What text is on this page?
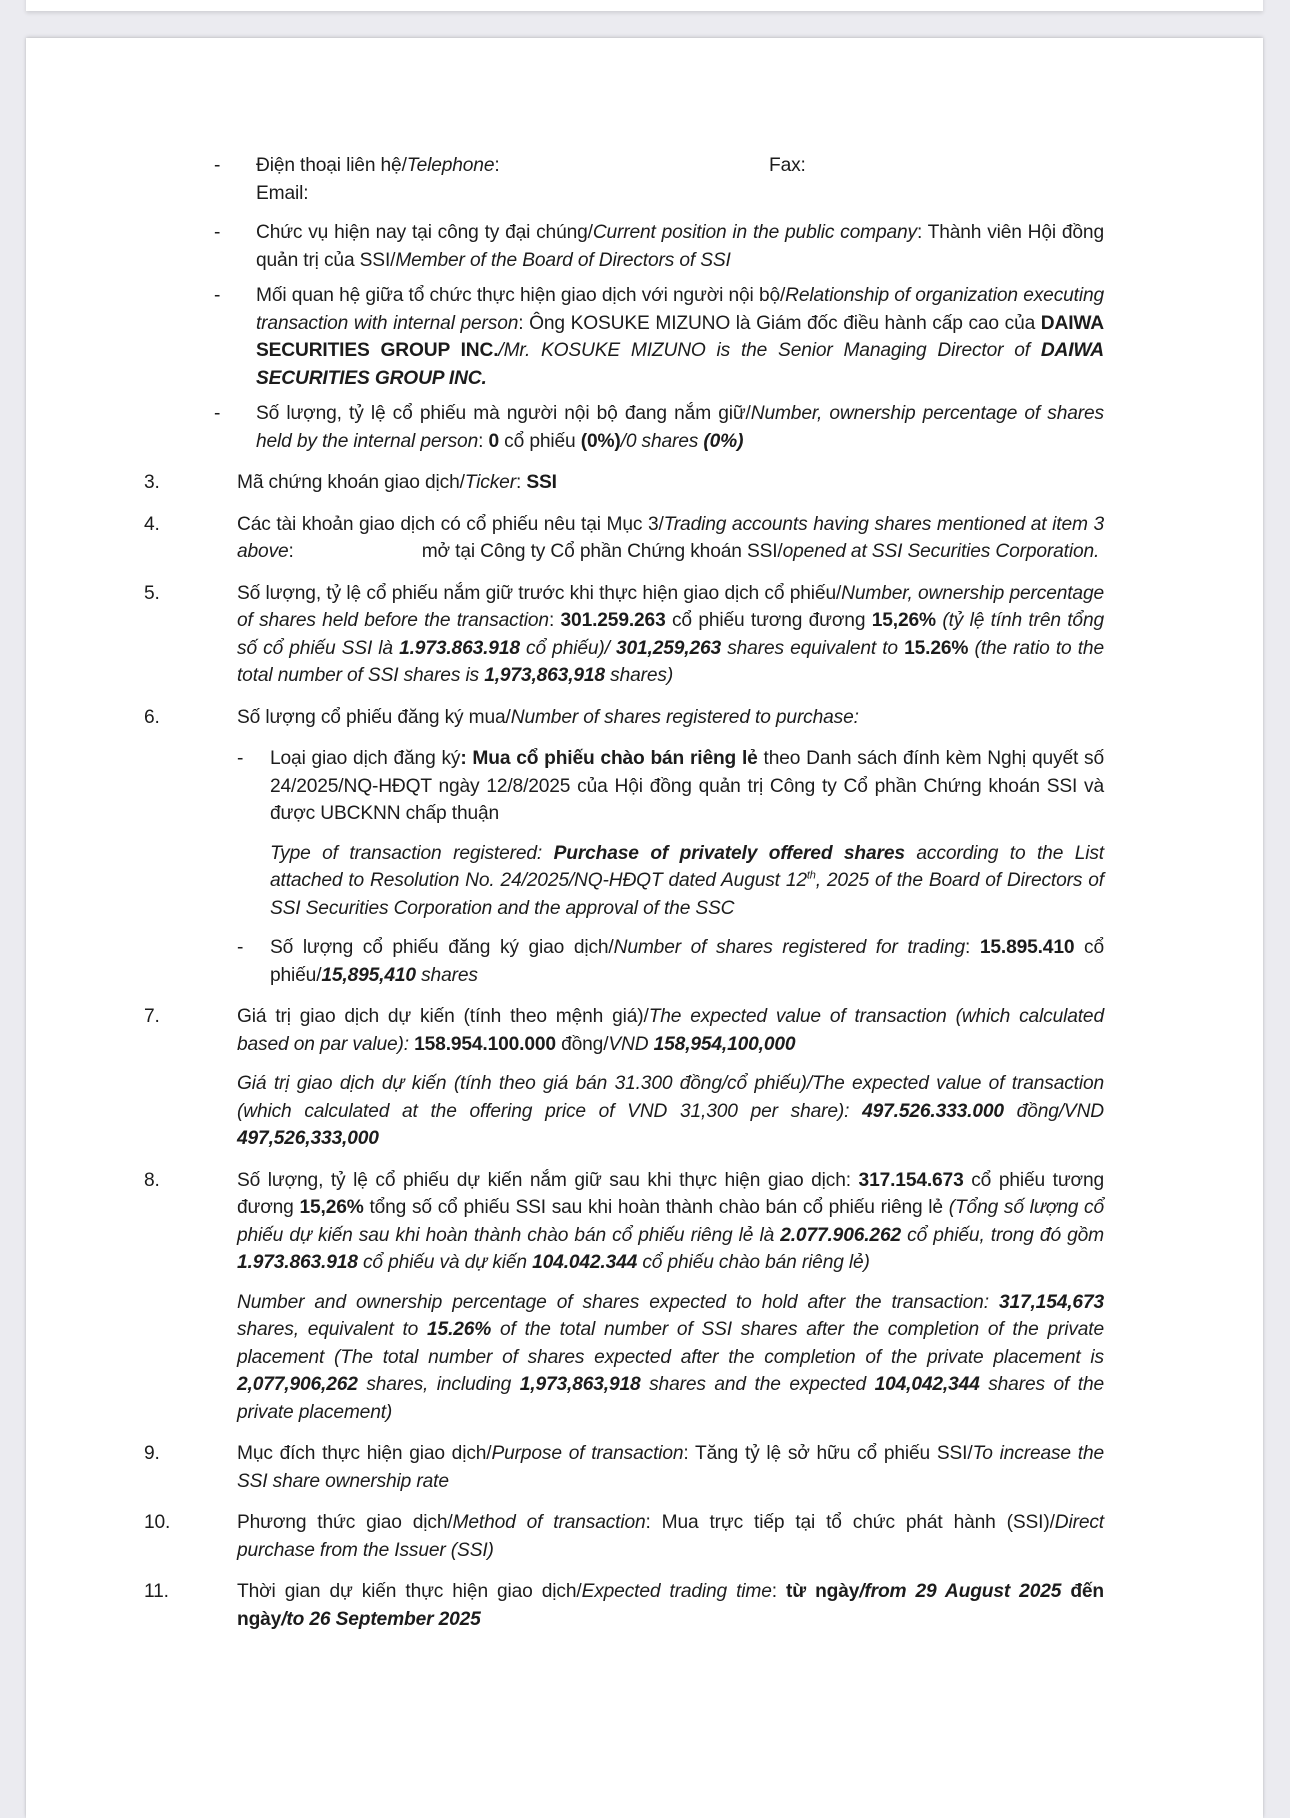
- Điện thoại liên hệ/Telephone:	Fax:

Email:
- Chức vụ hiện nay tại công ty đại chúng/Current position in the public company: Thành viên Hội đồng quản trị của SSI/Member of the Board of Directors of SSI
- Mối quan hệ giữa tổ chức thực hiện giao dịch với người nội bộ/Relationship of organization executing transaction with internal person: Ông KOSUKE MIZUNO là Giám đốc điều hành cấp cao của DAIWA SECURITIES GROUP INC./Mr. KOSUKE MIZUNO is the Senior Managing Director of DAIWA SECURITIES GROUP INC.
- Số lượng, tỷ lệ cổ phiếu mà người nội bộ đang nắm giữ/Number, ownership percentage of shares held by the internal person: 0 cổ phiếu (0%)/0 shares (0%)
3.	Mã chứng khoán giao dịch/Ticker: SSI
4.	Các tài khoản giao dịch có cổ phiếu nêu tại Mục 3/Trading accounts having shares mentioned at item 3 above:	mở tại Công ty Cổ phần Chứng khoán SSI/opened at SSI Securities Corporation.
5.	Số lượng, tỷ lệ cổ phiếu nắm giữ trước khi thực hiện giao dịch cổ phiếu/Number, ownership percentage of shares held before the transaction: 301.259.263 cổ phiếu tương đương 15,26% (tỷ lệ tính trên tổng số cổ phiếu SSI là 1.973.863.918 cổ phiếu)/ 301,259,263 shares equivalent to 15.26% (the ratio to the total number of SSI shares is 1,973,863,918 shares)
6.	Số lượng cổ phiếu đăng ký mua/Number of shares registered to purchase:
- Loại giao dịch đăng ký: Mua cổ phiếu chào bán riêng lẻ theo Danh sách đính kèm Nghị quyết số 24/2025/NQ-HĐQT ngày 12/8/2025 của Hội đồng quản trị Công ty Cổ phần Chứng khoán SSI và được UBCKNN chấp thuận
Type of transaction registered: Purchase of privately offered shares according to the List attached to Resolution No. 24/2025/NQ-HĐQT dated August 12th, 2025 of the Board of Directors of SSI Securities Corporation and the approval of the SSC
- Số lượng cổ phiếu đăng ký giao dịch/Number of shares registered for trading: 15.895.410 cổ phiếu/15,895,410 shares
7.	Giá trị giao dịch dự kiến (tính theo mệnh giá)/The expected value of transaction (which calculated based on par value): 158.954.100.000 đồng/VND 158,954,100,000
Giá trị giao dịch dự kiến (tính theo giá bán 31.300 đồng/cổ phiếu)/The expected value of transaction (which calculated at the offering price of VND 31,300 per share): 497.526.333.000 đồng/VND 497,526,333,000
8.	Số lượng, tỷ lệ cổ phiếu dự kiến nắm giữ sau khi thực hiện giao dịch: 317.154.673 cổ phiếu tương đương 15,26% tổng số cổ phiếu SSI sau khi hoàn thành chào bán cổ phiếu riêng lẻ (Tổng số lượng cổ phiếu dự kiến sau khi hoàn thành chào bán cổ phiếu riêng lẻ là 2.077.906.262 cổ phiếu, trong đó gồm 1.973.863.918 cổ phiếu và dự kiến 104.042.344 cổ phiếu chào bán riêng lẻ)
Number and ownership percentage of shares expected to hold after the transaction: 317,154,673 shares, equivalent to 15.26% of the total number of SSI shares after the completion of the private placement (The total number of shares expected after the completion of the private placement is 2,077,906,262 shares, including 1,973,863,918 shares and the expected 104,042,344 shares of the private placement)
9.	Mục đích thực hiện giao dịch/Purpose of transaction: Tăng tỷ lệ sở hữu cổ phiếu SSI/To increase the SSI share ownership rate
10.	Phương thức giao dịch/Method of transaction: Mua trực tiếp tại tổ chức phát hành (SSI)/Direct purchase from the Issuer (SSI)
11.	Thời gian dự kiến thực hiện giao dịch/Expected trading time: từ ngày/from 29 August 2025 đến ngày/to 26 September 2025
